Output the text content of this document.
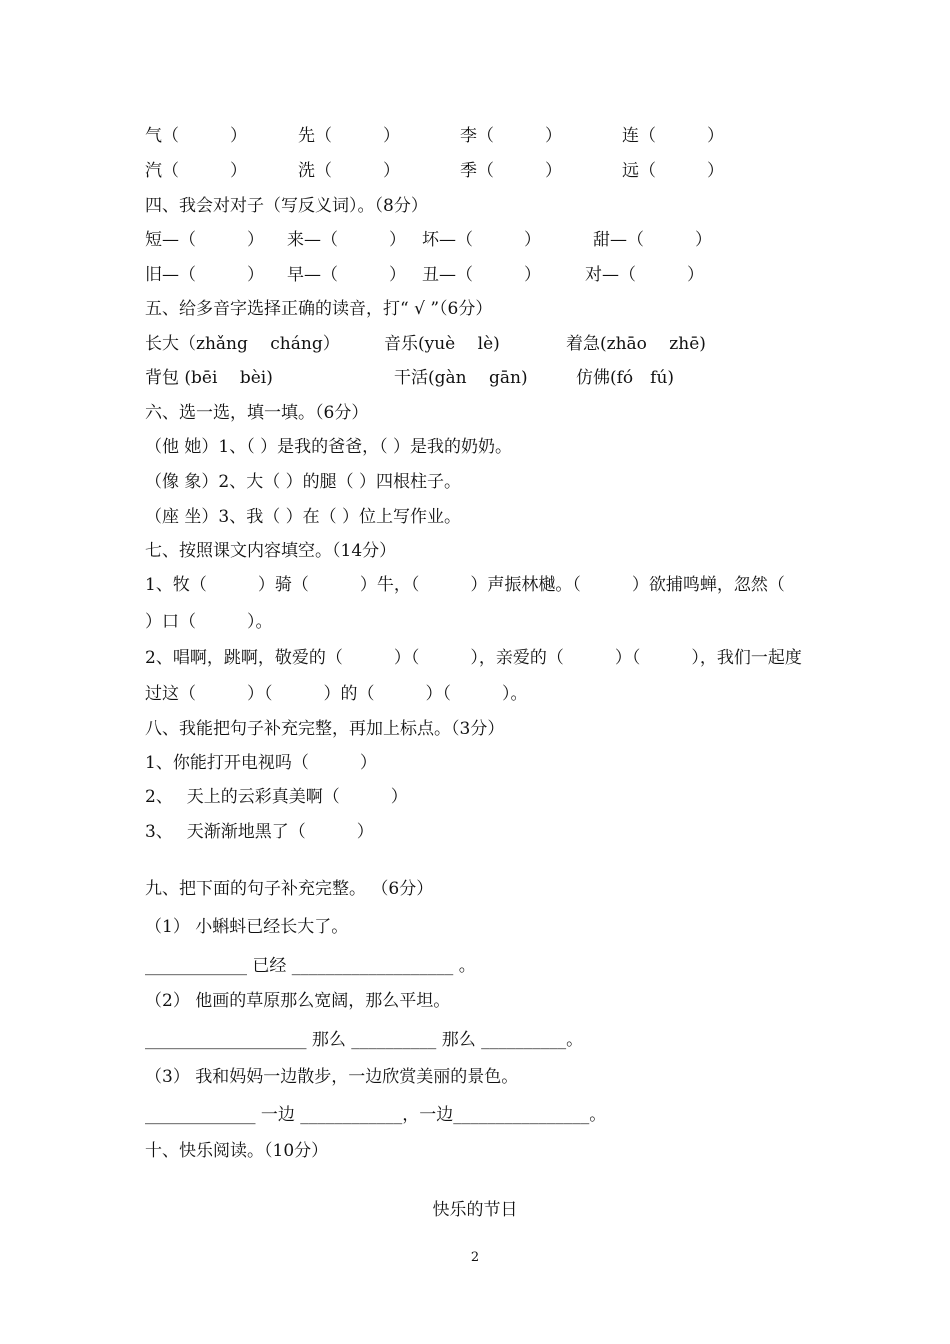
气（　　　）	先（　　　）	李（　　　）	连（　　　）
汽（　　　）	洗（　　　）	季（　　　）	远（　　　）
四、我会对对子（写反义词）。（8分）
短—（　　　） 来—（　　　） 坏—（　　　）	甜—（　　　）
旧—（　　　） 早—（　　　） 丑—（　　　）	对—（　　　）
五、给多音字选择正确的读音，打“ √ ”（6分）
长大（zhǎng　 cháng）	音乐(yuè　 lè)	着急(zhāo　 zhē)
背包 (bēi　 bèi)	干活(gàn　 gān)	仿佛(fó　fú)
六、选一选，填一填。（6分）
（他 她）1、（ ）是我的爸爸，（ ）是我的奶奶。
（像 象）2、大（ ）的腿（ ）四根柱子。
（座 坐）3、我（ ）在（ ）位上写作业。
七、按照课文内容填空。（14分）
1、牧（　　　）骑（　　　）牛，（　　　）声振林樾。（　　　）欲捕鸣蝉，忽然（
）口（　　　）。
2、唱啊，跳啊，敬爱的（　　　）（　　　），亲爱的（　　　）（　　　），我们一起度
过这（　　　）（　　　）的（　　　）（　　　）。
八、我能把句子补充完整，再加上标点。（3分）
1、你能打开电视吗（　　　）
2、　 天上的云彩真美啊（　　　）
3、　 天渐渐地黑了（　　　）
九、把下面的句子补充完整。 （6分）
（1） 小蝌蚪已经长大了。
____________ 已经 ___________________ 。
（2） 他画的草原那么宽阔，那么平坦。
___________________ 那么 __________ 那么 __________。
（3） 我和妈妈一边散步，一边欣赏美丽的景色。
_____________ 一边 ____________，一边________________。
十、快乐阅读。（10分）
快乐的节日
2
